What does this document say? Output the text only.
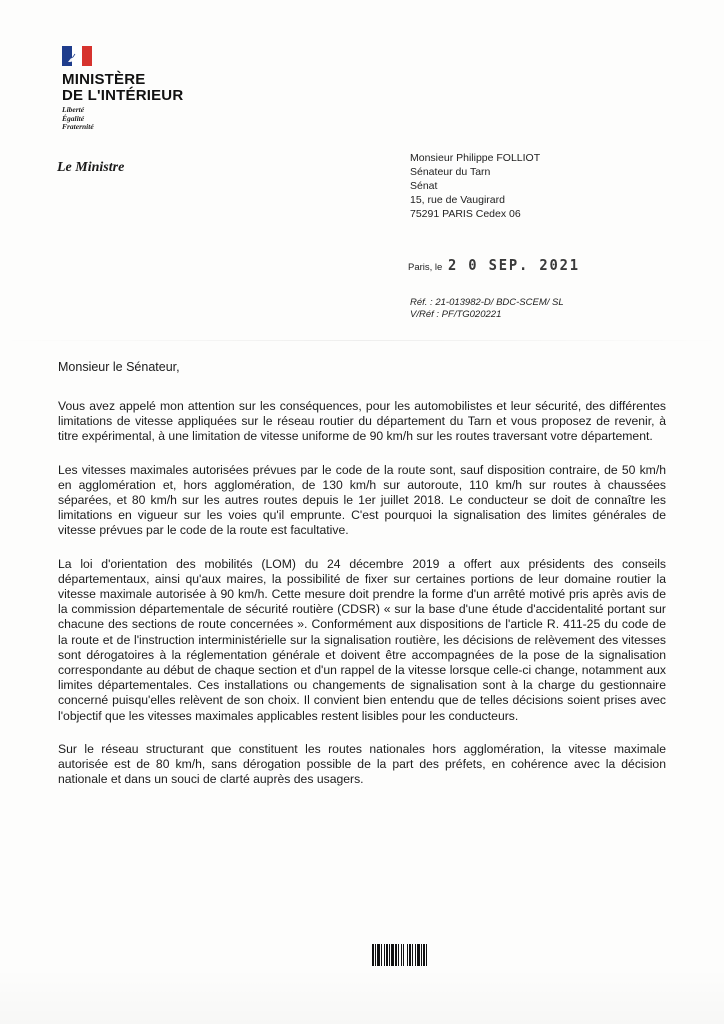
MINISTÈRE
DE L'INTÉRIEUR
Liberté
Égalité
Fraternité
Le Ministre
Monsieur Philippe FOLLIOT
Sénateur du Tarn
Sénat
15, rue de Vaugirard
75291 PARIS Cedex 06
Paris, le 2 0 SEP. 2021
Réf. : 21-013982-D/ BDC-SCEM/ SL
V/Réf : PF/TG020221
Monsieur le Sénateur,

Vous avez appelé mon attention sur les conséquences, pour les automobilistes et leur sécurité, des différentes limitations de vitesse appliquées sur le réseau routier du département du Tarn et vous proposez de revenir, à titre expérimental, à une limitation de vitesse uniforme de 90 km/h sur les routes traversant votre département.

Les vitesses maximales autorisées prévues par le code de la route sont, sauf disposition contraire, de 50 km/h en agglomération et, hors agglomération, de 130 km/h sur autoroute, 110 km/h sur routes à chaussées séparées, et 80 km/h sur les autres routes depuis le 1er juillet 2018. Le conducteur se doit de connaître les limitations en vigueur sur les voies qu'il emprunte. C'est pourquoi la signalisation des limites générales de vitesse prévues par le code de la route est facultative.

La loi d'orientation des mobilités (LOM) du 24 décembre 2019 a offert aux présidents des conseils départementaux, ainsi qu'aux maires, la possibilité de fixer sur certaines portions de leur domaine routier la vitesse maximale autorisée à 90 km/h. Cette mesure doit prendre la forme d'un arrêté motivé pris après avis de la commission départementale de sécurité routière (CDSR) « sur la base d'une étude d'accidentalité portant sur chacune des sections de route concernées ». Conformément aux dispositions de l'article R. 411-25 du code de la route et de l'instruction interministérielle sur la signalisation routière, les décisions de relèvement des vitesses sont dérogatoires à la réglementation générale et doivent être accompagnées de la pose de la signalisation correspondante au début de chaque section et d'un rappel de la vitesse lorsque celle-ci change, notamment aux limites départementales. Ces installations ou changements de signalisation sont à la charge du gestionnaire concerné puisqu'elles relèvent de son choix. Il convient bien entendu que de telles décisions soient prises avec l'objectif que les vitesses maximales applicables restent lisibles pour les conducteurs.

Sur le réseau structurant que constituent les routes nationales hors agglomération, la vitesse maximale autorisée est de 80 km/h, sans dérogation possible de la part des préfets, en cohérence avec la décision nationale et dans un souci de clarté auprès des usagers.
